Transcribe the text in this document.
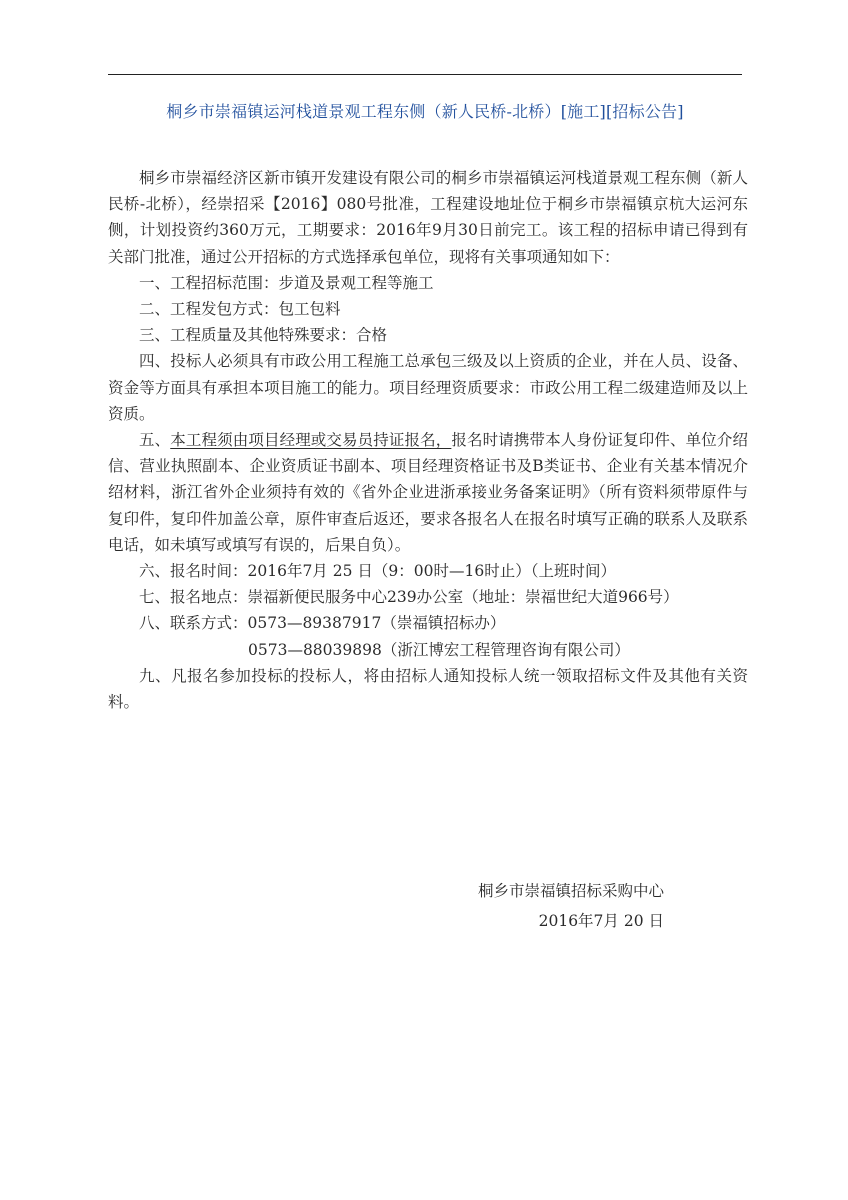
桐乡市崇福镇运河栈道景观工程东侧（新人民桥-北桥）[施工][招标公告]

桐乡市崇福经济区新市镇开发建设有限公司的桐乡市崇福镇运河栈道景观工程东侧（新人民桥-北桥），经崇招采【2016】080号批准，工程建设地址位于桐乡市崇福镇京杭大运河东侧，计划投资约360万元，工期要求：2016年9月30日前完工。该工程的招标申请已得到有关部门批准，通过公开招标的方式选择承包单位，现将有关事项通知如下：

一、工程招标范围：步道及景观工程等施工

二、工程发包方式：包工包料

三、工程质量及其他特殊要求：合格

四、投标人必须具有市政公用工程施工总承包三级及以上资质的企业，并在人员、设备、资金等方面具有承担本项目施工的能力。项目经理资质要求：市政公用工程二级建造师及以上资质。

五、本工程须由项目经理或交易员持证报名，报名时请携带本人身份证复印件、单位介绍信、营业执照副本、企业资质证书副本、项目经理资格证书及B类证书、企业有关基本情况介绍材料，浙江省外企业须持有效的《省外企业进浙承接业务备案证明》（所有资料须带原件与复印件，复印件加盖公章，原件审查后返还，要求各报名人在报名时填写正确的联系人及联系电话，如未填写或填写有误的，后果自负）。

六、报名时间：2016年7月 25 日（9：00时—16时止）（上班时间）

七、报名地点：崇福新便民服务中心239办公室（地址：崇福世纪大道966号）

八、联系方式：0573—89387917（崇福镇招标办）

0573—88039898（浙江博宏工程管理咨询有限公司）

九、凡报名参加投标的投标人，将由招标人通知投标人统一领取招标文件及其他有关资料。

桐乡市崇福镇招标采购中心
2016年7月 20 日
